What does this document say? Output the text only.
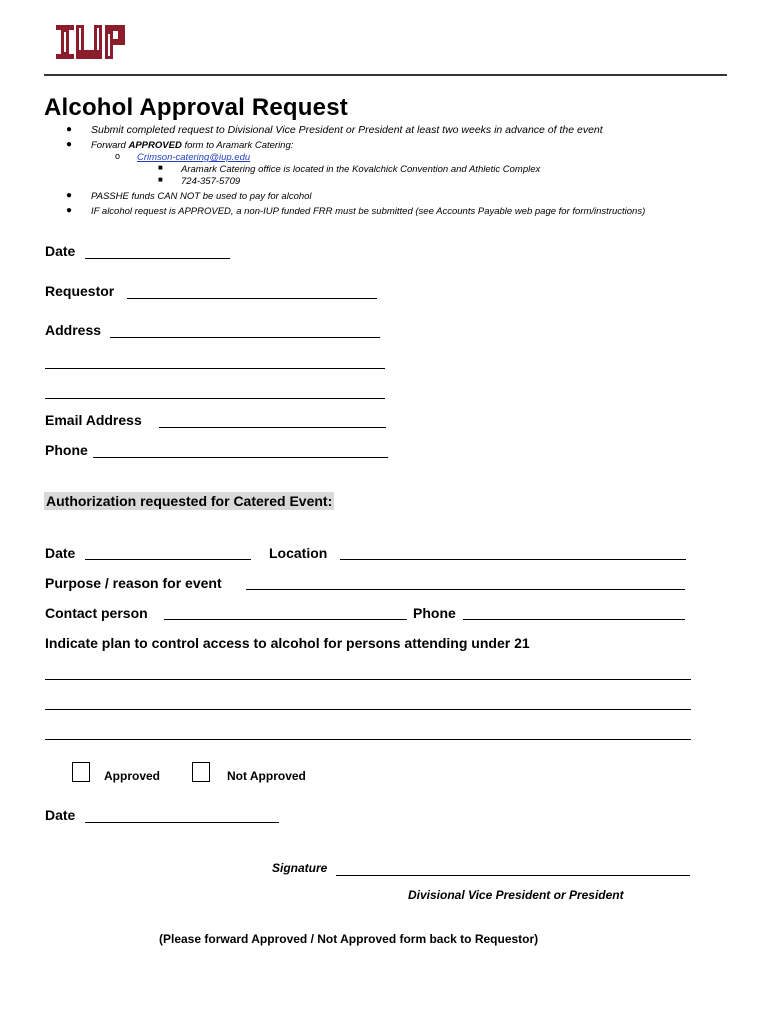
Alcohol Approval Request
● Submit completed request to Divisional Vice President or President at least two weeks in advance of the event
● Forward APPROVED form to Aramark Catering:
o Crimson-catering@iup.edu
■ Aramark Catering office is located in the Kovalchick Convention and Athletic Complex
■ 724-357-5709
● PASSHE funds CAN NOT be used to pay for alcohol
● IF alcohol request is APPROVED, a non-IUP funded FRR must be submitted (see Accounts Payable web page for form/instructions)
Date
Requestor
Address
Email Address
Phone
Authorization requested for Catered Event:
Date	Location
Purpose / reason for event
Contact person	Phone
Indicate plan to control access to alcohol for persons attending under 21
Approved	Not Approved
Date
Signature
Divisional Vice President or President
(Please forward Approved / Not Approved form back to Requestor)
